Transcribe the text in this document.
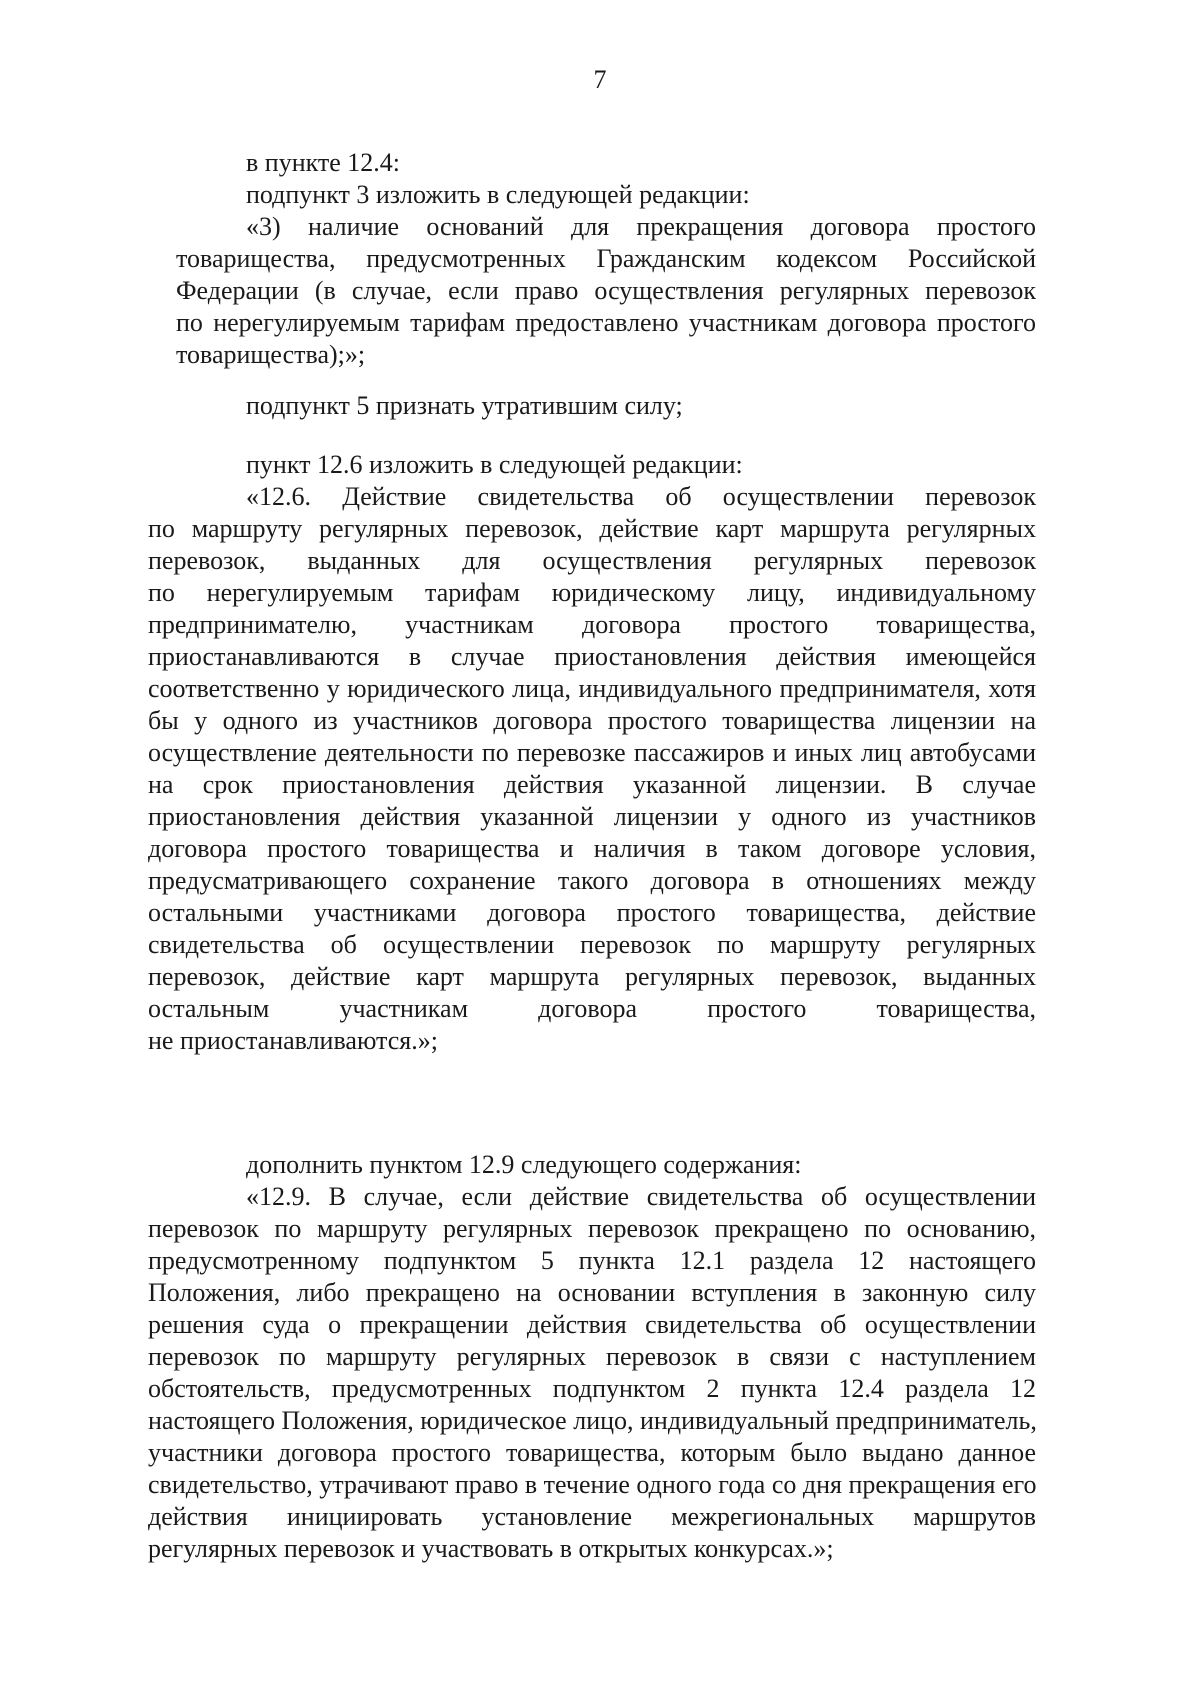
7
в пункте 12.4:
подпункт 3 изложить в следующей редакции:
«3) наличие оснований для прекращения договора простого
товарищества, предусмотренных Гражданским кодексом Российской
Федерации (в случае, если право осуществления регулярных перевозок
по нерегулируемым тарифам предоставлено участникам договора простого
товарищества);»;
подпункт 5 признать утратившим силу;
пункт 12.6 изложить в следующей редакции:
«12.6. Действие свидетельства об осуществлении перевозок
по маршруту регулярных перевозок, действие карт маршрута регулярных
перевозок, выданных для осуществления регулярных перевозок
по нерегулируемым тарифам юридическому лицу, индивидуальному
предпринимателю, участникам договора простого товарищества,
приостанавливаются в случае приостановления действия имеющейся
соответственно у юридического лица, индивидуального предпринимателя, хотя
бы у одного из участников договора простого товарищества лицензии на
осуществление деятельности по перевозке пассажиров и иных лиц автобусами
на срок приостановления действия указанной лицензии. В случае
приостановления действия указанной лицензии у одного из участников
договора простого товарищества и наличия в таком договоре условия,
предусматривающего сохранение такого договора в отношениях между
остальными участниками договора простого товарищества, действие
свидетельства об осуществлении перевозок по маршруту регулярных
перевозок, действие карт маршрута регулярных перевозок, выданных
остальным участникам договора простого товарищества,
не приостанавливаются.»;
дополнить пунктом 12.9 следующего содержания:
«12.9. В случае, если действие свидетельства об осуществлении
перевозок по маршруту регулярных перевозок прекращено по основанию,
предусмотренному подпунктом 5 пункта 12.1 раздела 12 настоящего
Положения, либо прекращено на основании вступления в законную силу
решения суда о прекращении действия свидетельства об осуществлении
перевозок по маршруту регулярных перевозок в связи с наступлением
обстоятельств, предусмотренных подпунктом 2 пункта 12.4 раздела 12
настоящего Положения, юридическое лицо, индивидуальный предприниматель,
участники договора простого товарищества, которым было выдано данное
свидетельство, утрачивают право в течение одного года со дня прекращения его
действия инициировать установление межрегиональных маршрутов
регулярных перевозок и участвовать в открытых конкурсах.»;
